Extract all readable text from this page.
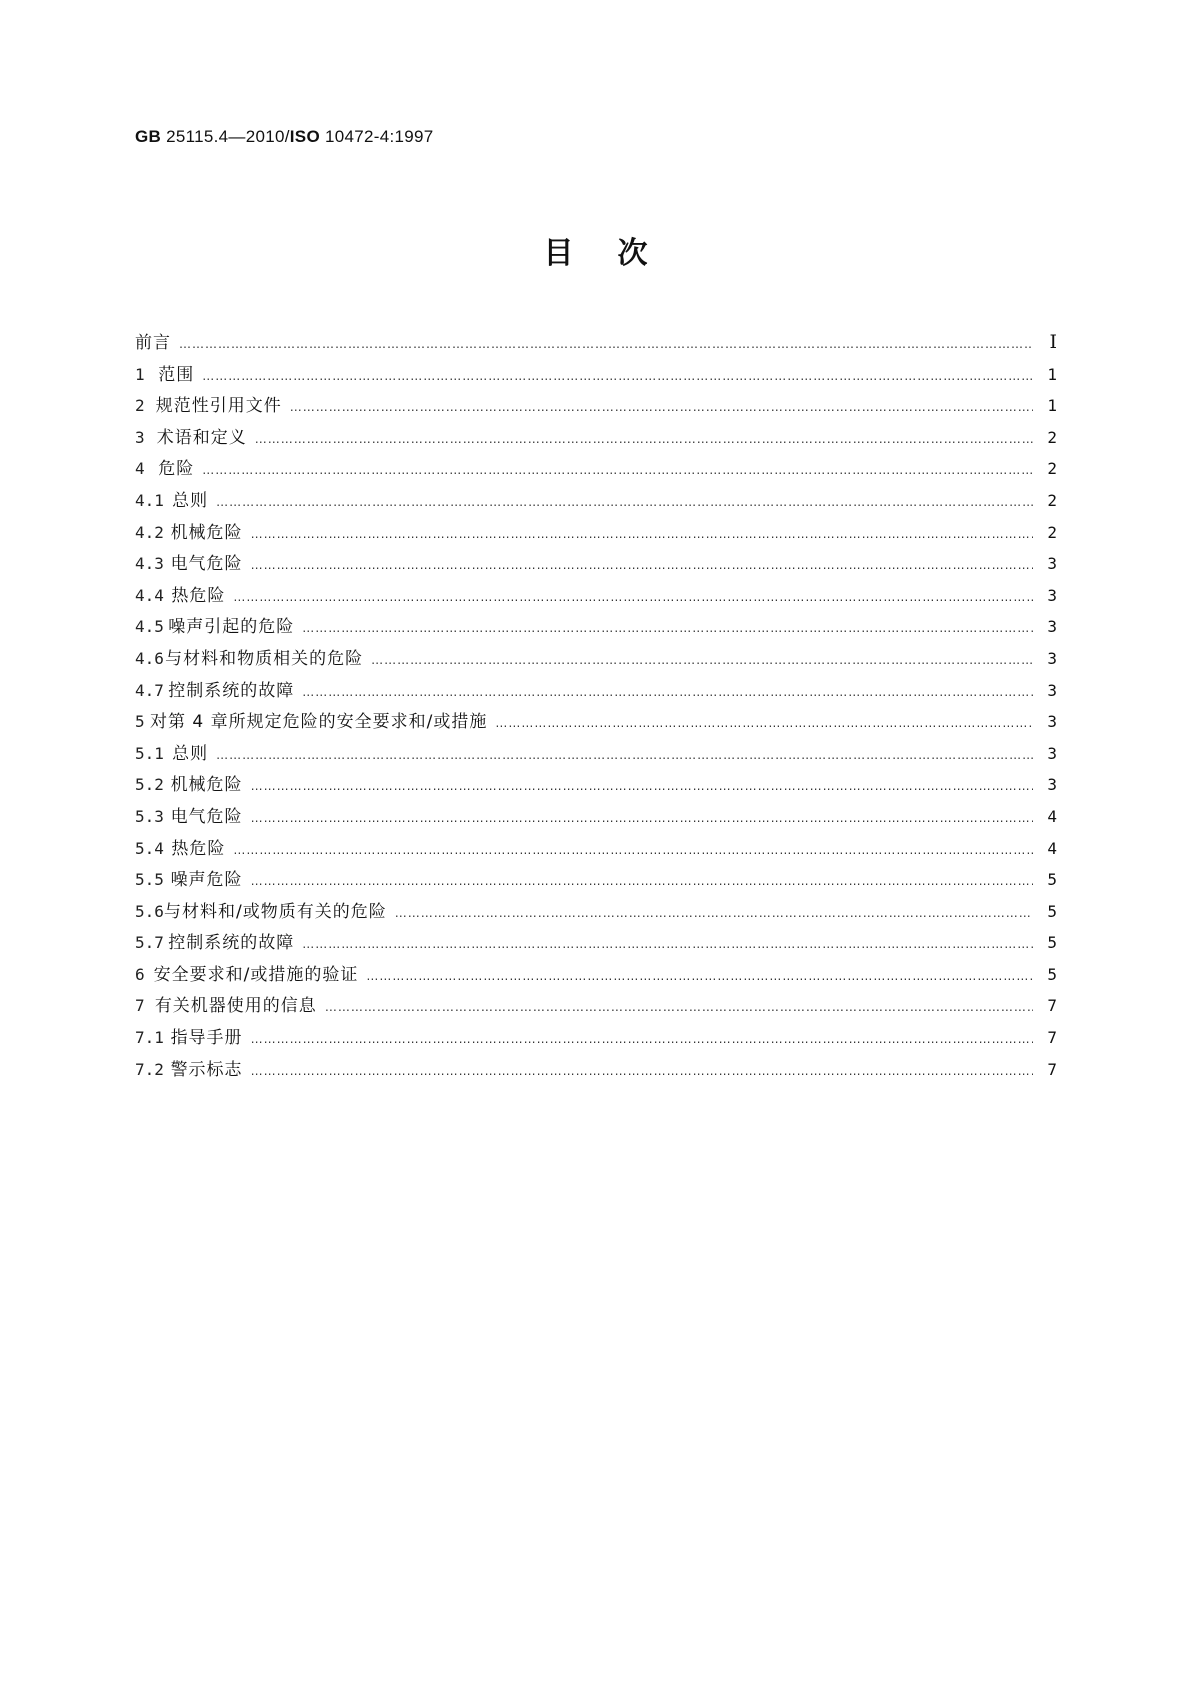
GB 25115.4—2010/ISO 10472-4:1997
目次
前言 …………………………………………………………………………………………………………………………………………………………………………………………………………………………………………	Ⅰ
1 范围 …………………………………………………………………………………………………………………………………………………………………………………………………………………………………………	1
2 规范性引用文件 …………………………………………………………………………………………………………………………………………………………………………………………………………………………………………	1
3 术语和定义 …………………………………………………………………………………………………………………………………………………………………………………………………………………………………………	2
4 危险 …………………………………………………………………………………………………………………………………………………………………………………………………………………………………………	2
4.1 总则 …………………………………………………………………………………………………………………………………………………………………………………………………………………………………………	2
4.2 机械危险 …………………………………………………………………………………………………………………………………………………………………………………………………………………………………………	2
4.3 电气危险 …………………………………………………………………………………………………………………………………………………………………………………………………………………………………………	3
4.4 热危险 …………………………………………………………………………………………………………………………………………………………………………………………………………………………………………	3
4.5 噪声引起的危险 …………………………………………………………………………………………………………………………………………………………………………………………………………………………………………	3
4.6 与材料和物质相关的危险 …………………………………………………………………………………………………………………………………………………………………………………………………………………………………………	3
4.7 控制系统的故障 …………………………………………………………………………………………………………………………………………………………………………………………………………………………………………	3
5 对第 4 章所规定危险的安全要求和/或措施 …………………………………………………………………………………………………………………………………………………………………………………………………………………………………………	3
5.1 总则 …………………………………………………………………………………………………………………………………………………………………………………………………………………………………………	3
5.2 机械危险 …………………………………………………………………………………………………………………………………………………………………………………………………………………………………………	3
5.3 电气危险 …………………………………………………………………………………………………………………………………………………………………………………………………………………………………………	4
5.4 热危险 …………………………………………………………………………………………………………………………………………………………………………………………………………………………………………	4
5.5 噪声危险 …………………………………………………………………………………………………………………………………………………………………………………………………………………………………………	5
5.6 与材料和/或物质有关的危险 …………………………………………………………………………………………………………………………………………………………………………………………………………………………………………	5
5.7 控制系统的故障 …………………………………………………………………………………………………………………………………………………………………………………………………………………………………………	5
6 安全要求和/或措施的验证 …………………………………………………………………………………………………………………………………………………………………………………………………………………………………………	5
7 有关机器使用的信息 …………………………………………………………………………………………………………………………………………………………………………………………………………………………………………	7
7.1 指导手册 …………………………………………………………………………………………………………………………………………………………………………………………………………………………………………	7
7.2 警示标志 …………………………………………………………………………………………………………………………………………………………………………………………………………………………………………	7
